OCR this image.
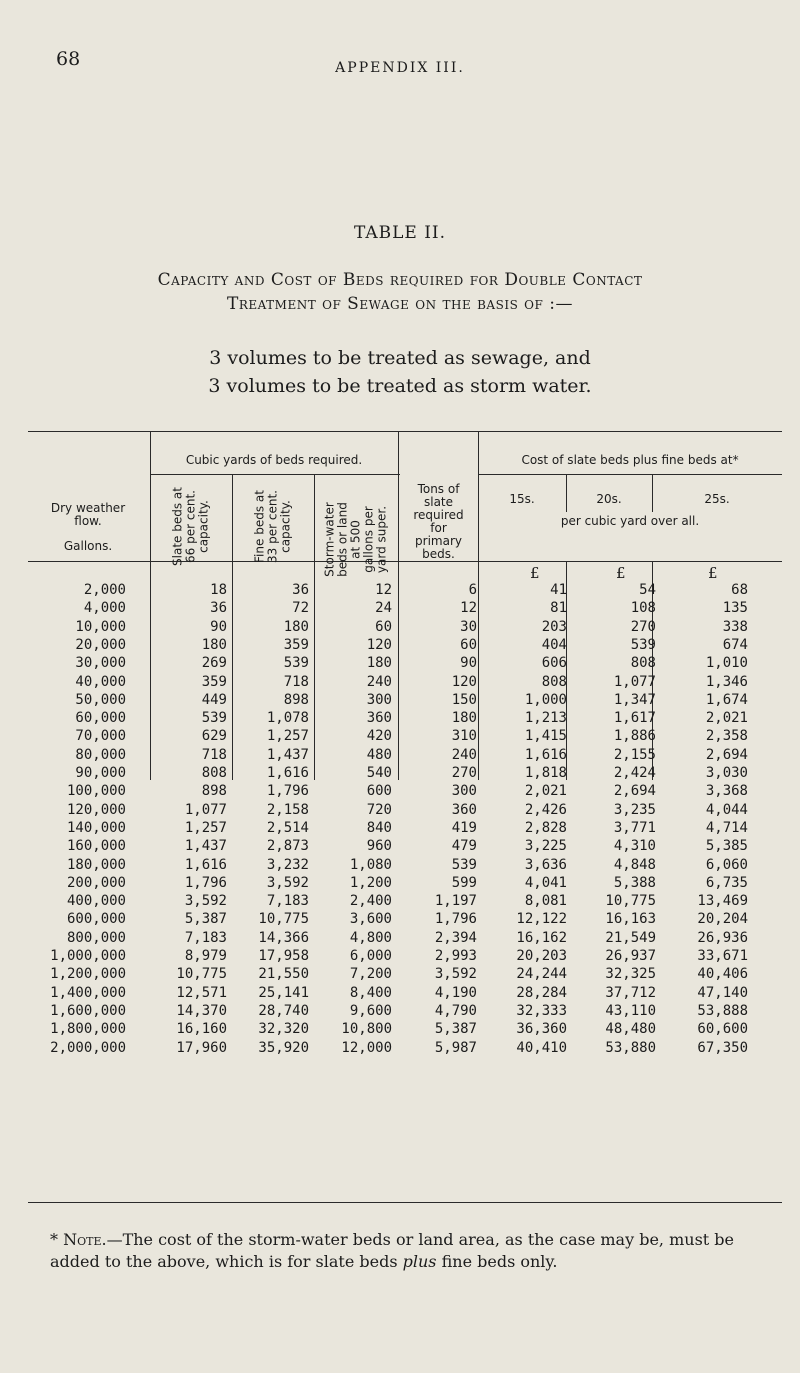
68	APPENDIX III.
TABLE II.
Capacity and Cost of Beds required for Double Contact
Treatment of Sewage on the basis of :—
3 volumes to be treated as sewage, and
3 volumes to be treated as storm water.
Dry weather
flow.
Gallons.
Cubic yards of beds required.
Slate beds at 66 per cent. capacity.	Fine beds at 33 per cent. capacity.	Storm-water beds or land at 500 gallons per yard super.
Tons of
slate
required
for
primary
beds.
Cost of slate beds plus fine beds at*
15s.	20s.	25s.
per cubic yard over all.
£	£	£
2,000	18	36	12	6	41	54	68
4,000	36	72	24	12	81	108	135
10,000	90	180	60	30	203	270	338
20,000	180	359	120	60	404	539	674
30,000	269	539	180	90	606	808	1,010
40,000	359	718	240	120	808	1,077	1,346
50,000	449	898	300	150	1,000	1,347	1,674
60,000	539	1,078	360	180	1,213	1,617	2,021
70,000	629	1,257	420	310	1,415	1,886	2,358
80,000	718	1,437	480	240	1,616	2,155	2,694
90,000	808	1,616	540	270	1,818	2,424	3,030
100,000	898	1,796	600	300	2,021	2,694	3,368
120,000	1,077	2,158	720	360	2,426	3,235	4,044
140,000	1,257	2,514	840	419	2,828	3,771	4,714
160,000	1,437	2,873	960	479	3,225	4,310	5,385
180,000	1,616	3,232	1,080	539	3,636	4,848	6,060
200,000	1,796	3,592	1,200	599	4,041	5,388	6,735
400,000	3,592	7,183	2,400	1,197	8,081	10,775	13,469
600,000	5,387 10,775	3,600	1,796	12,122	16,163	20,204
800,000	7,183 14,366	4,800	2,394	16,162	21,549	26,936
1,000,000	8,979 17,958	6,000	2,993	20,203	26,937	33,671
1,200,000	10,775 21,550	7,200	3,592	24,244	32,325	40,406
1,400,000	12,571 25,141	8,400	4,190	28,284	37,712	47,140
1,600,000	14,370 28,740	9,600	4,790	32,333	43,110	53,888
1,800,000	16,160 32,320 10,800	5,387	36,360	48,480	60,600
2,000,000	17,960 35,920 12,000	5,987	40,410	53,880	67,350
* Note.—The cost of the storm-water beds or land area, as the case may be, must be added to the above, which is for slate beds plus fine beds only.
